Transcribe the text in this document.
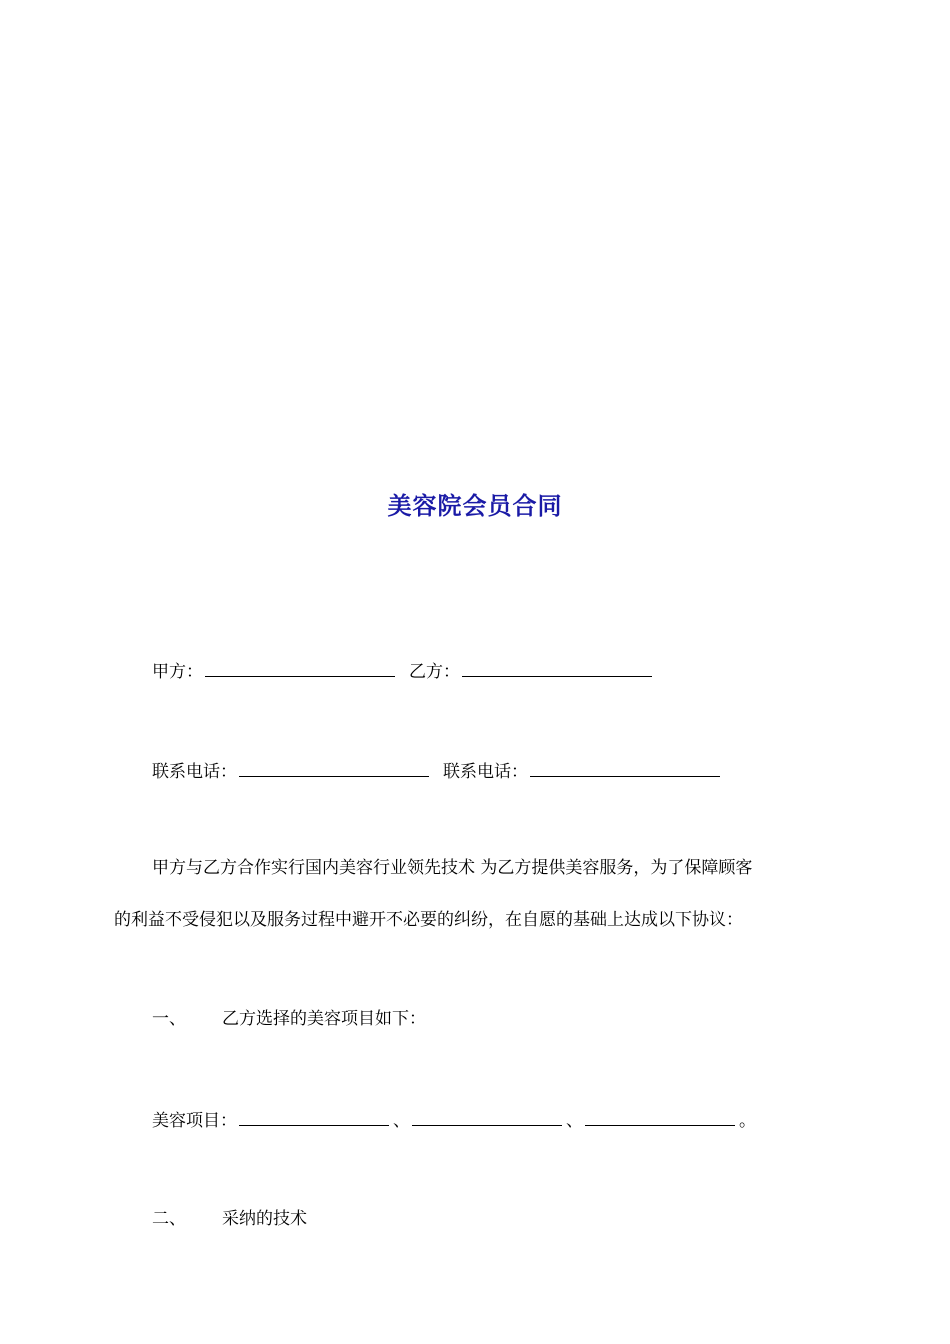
美容院会员合同
甲方：	乙方：
联系电话：	联系电话：
甲方与乙方合作实行国内美容行业领先技术 为乙方提供美容服务，为了保障顾客
的利益不受侵犯以及服务过程中避开不必要的纠纷，在自愿的基础上达成以下协议：
一、 乙方选择的美容项目如下：
美容项目：	、	、	。
二、 采纳的技术
